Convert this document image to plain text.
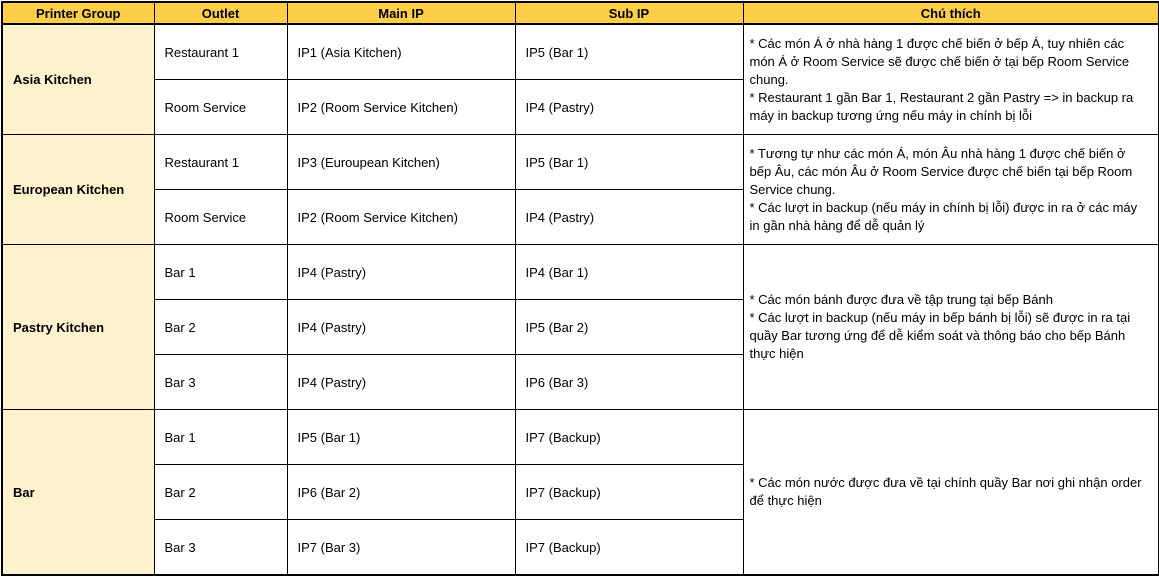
Printer Group	Outlet	Main IP	Sub IP	Chú thích
Asia Kitchen	Restaurant 1	IP1 (Asia Kitchen)	IP5 (Bar 1)	* Các món Á ở nhà hàng 1 được chế biến ở bếp Á, tuy nhiên các món Á ở Room Service sẽ được chế biến ở tại bếp Room Service chung.
* Restaurant 1 gần Bar 1, Restaurant 2 gần Pastry => in backup ra máy in backup tương ứng nếu máy in chính bị lỗi

	Room Service	IP2 (Room Service Kitchen)	IP4 (Pastry)	
European Kitchen	Restaurant 1	IP3 (Euroupean Kitchen)	IP5 (Bar 1)	* Tương tự như các món Á, món Âu nhà hàng 1 được chế biến ở bếp Âu, các món Âu ở Room Service được chế biến tại bếp Room Service chung.
* Các lượt in backup (nếu máy in chính bị lỗi) được in ra ở các máy in gần nhà hàng để dễ quản lý

	Room Service	IP2 (Room Service Kitchen)	IP4 (Pastry)	
Pastry Kitchen	Bar 1	IP4 (Pastry)	IP4 (Bar 1)	* Các món bánh được đưa về tập trung tại bếp Bánh
* Các lượt in backup (nếu máy in bếp bánh bị lỗi) sẽ được in ra tại quầy Bar tương ứng để dễ kiểm soát và thông báo cho bếp Bánh thực hiện

	Bar 2	IP4 (Pastry)	IP5 (Bar 2)	
	Bar 3	IP4 (Pastry)	IP6 (Bar 3)	
Bar	Bar 1	IP5 (Bar 1)	IP7 (Backup)	* Các món nước được đưa về tại chính quầy Bar nơi ghi nhận order để thực hiện

	Bar 2	IP6 (Bar 2)	IP7 (Backup)	
	Bar 3	IP7 (Bar 3)	IP7 (Backup)	
